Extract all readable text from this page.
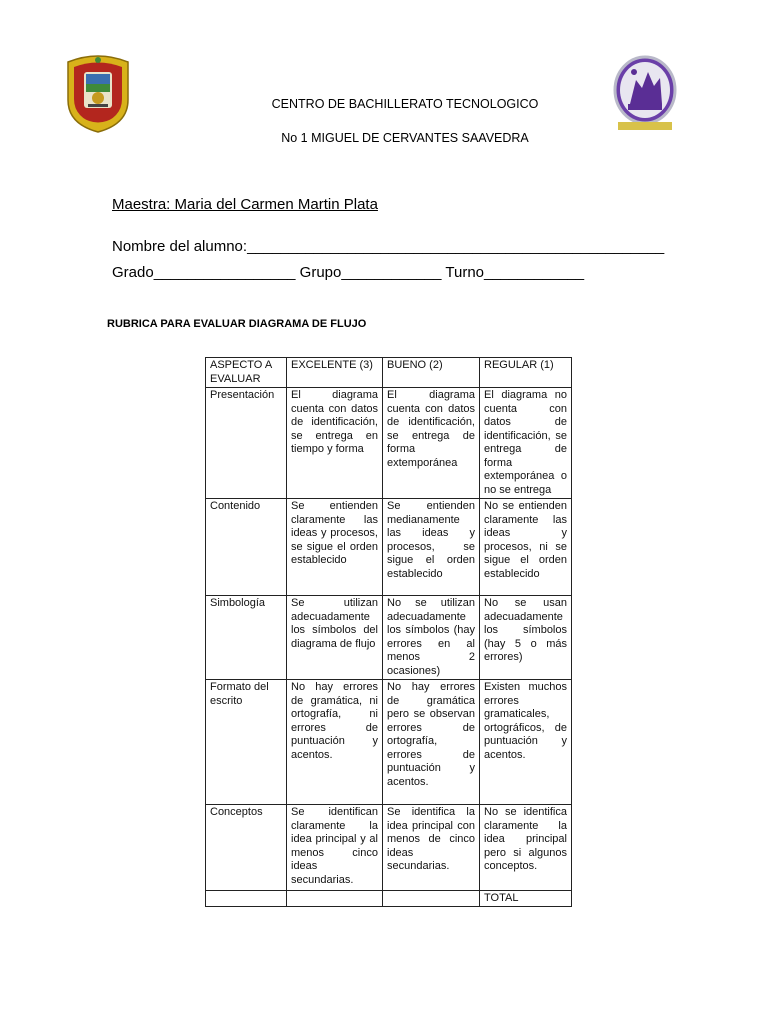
CENTRO DE BACHILLERATO TECNOLOGICO
No 1 MIGUEL DE CERVANTES SAAVEDRA
Maestra: Maria del Carmen Martin Plata
Nombre del alumno:__________________________________________________
Grado_________________ Grupo____________ Turno____________
RUBRICA PARA EVALUAR DIAGRAMA DE FLUJO
ASPECTO A EVALUAR	EXCELENTE (3)	BUENO (2)	REGULAR (1)
Presentación	El diagrama cuenta con datos de identificación, se entrega en tiempo y forma	El diagrama cuenta con datos de identificación, se entrega de forma extemporánea	El diagrama no cuenta con datos de identificación, se entrega de forma extemporánea o no se entrega
Contenido	Se entienden claramente las ideas y procesos, se sigue el orden establecido	Se entienden medianamente las ideas y procesos, se sigue el orden establecido	No se entienden claramente las ideas y procesos, ni se sigue el orden establecido
Simbología	Se utilizan adecuadamente los símbolos del diagrama de flujo	No se utilizan adecuadamente los símbolos (hay errores en al menos 2 ocasiones)	No se usan adecuadamente los símbolos (hay 5 o más errores)
Formato del escrito	No hay errores de gramática, ni ortografía, ni errores de puntuación y acentos.	No hay errores de gramática pero se observan errores de ortografía, errores de puntuación y acentos.	Existen muchos errores gramaticales, ortográficos, de puntuación y acentos.
Conceptos	Se identifican claramente la idea principal y al menos cinco ideas secundarias.	Se identifica la idea principal con menos de cinco ideas secundarias.	No se identifica claramente la idea principal pero si algunos conceptos.
			TOTAL
